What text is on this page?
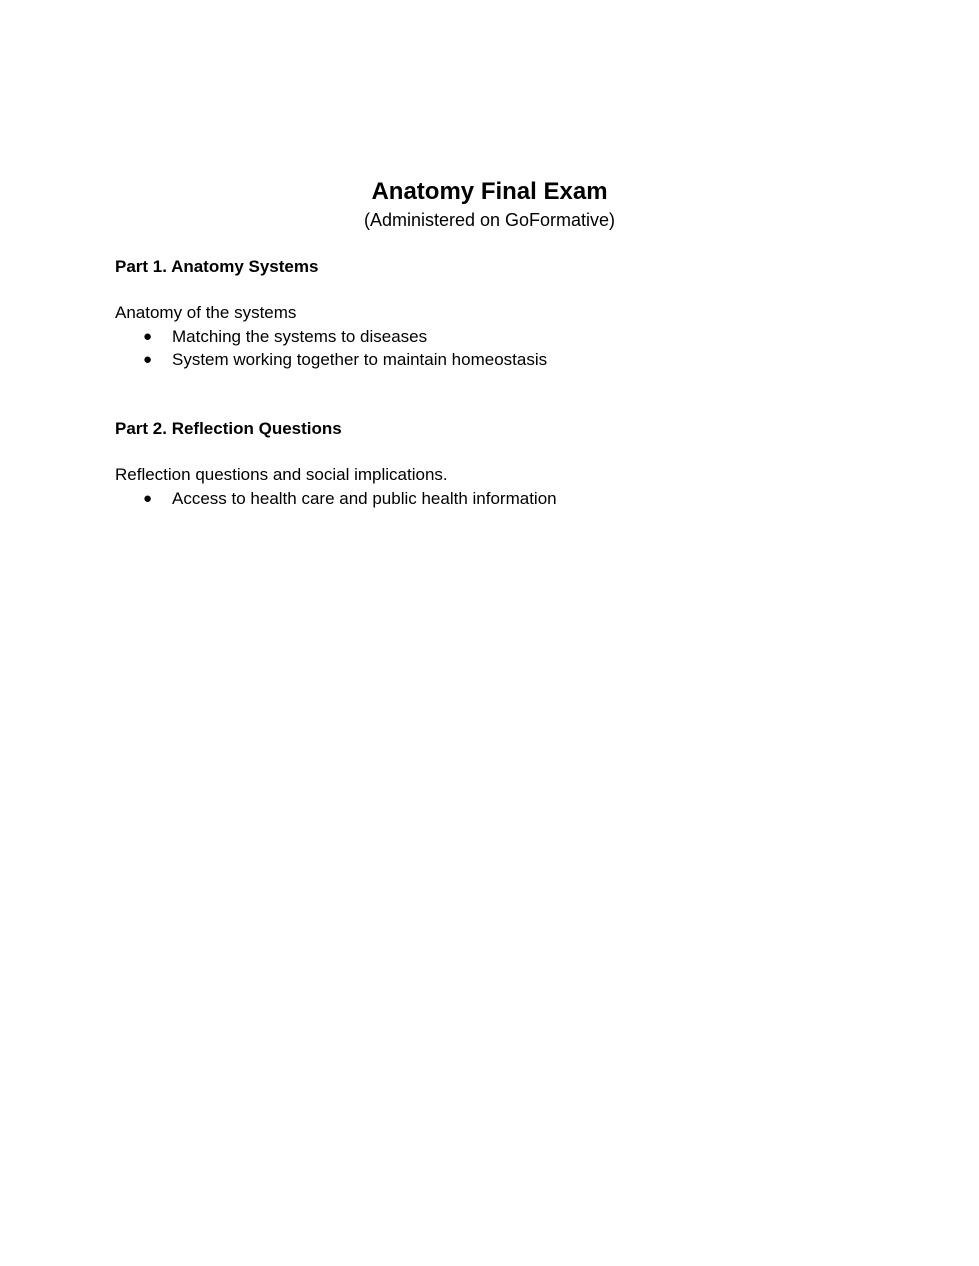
Anatomy Final Exam

(Administered on GoFormative)

Part 1. Anatomy Systems

Anatomy of the systems

● Matching the systems to diseases
● System working together to maintain homeostasis

Part 2. Reflection Questions

Reflection questions and social implications.

● Access to health care and public health information
